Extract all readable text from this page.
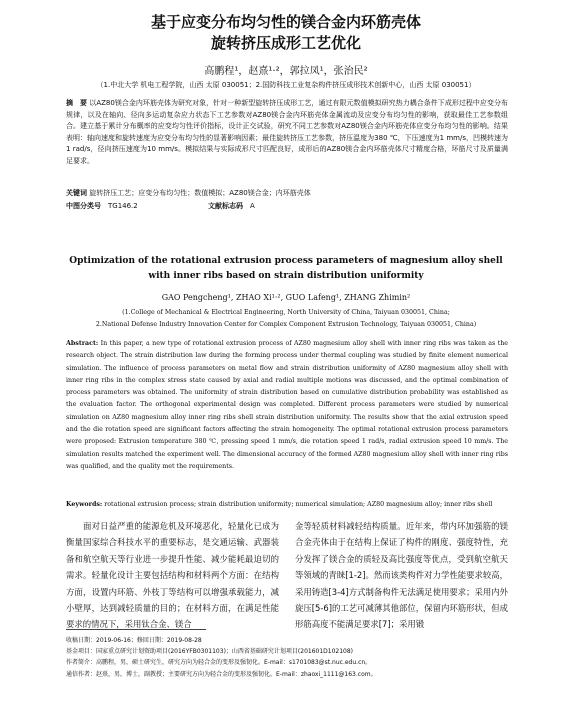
基于应变分布均匀性的镁合金内环筋壳体
旋转挤压成形工艺优化
高鹏程¹，赵熹¹·²，郭拉凤¹，张治民²
（1.中北大学 机电工程学院，山西 太原 030051；2.国防科技工业复杂构件挤压成形技术创新中心，山西 太原 030051）
摘　要 以AZ80镁合金内环筋壳体为研究对象，针对一种新型旋转挤压成形工艺，通过有限元数值模拟研究热力耦合条件下成形过程中应变分布规律，以及在轴向、径向多运动复杂应力状态下工艺参数对AZ80镁合金内环筋壳体金属流动及应变分布均匀性的影响，获取最佳工艺参数组合。建立基于累计分布概率的应变均匀性评价指标，设计正交试验，研究不同工艺参数对AZ80镁合金内环筋壳体应变分布均匀性的影响。结果表明：轴向速度和旋转速度为应变分布均匀性的显著影响因素；最佳旋转挤压工艺参数，挤压温度为380 ℃，下压速度为1 mm/s，凹模转速为1 rad/s，径向挤压速度为10 mm/s。模拟结果与实际成形尺寸匹配良好，成形后的AZ80镁合金内环筋壳体尺寸精度合格，环筋尺寸及质量满足要求。
关键词 旋转挤压工艺；应变分布均匀性；数值模拟；AZ80镁合金；内环筋壳体
中图分类号　 TG146.2	文献标志码　 A
Optimization of the rotational extrusion process parameters of magnesium alloy shell
with inner ribs based on strain distribution uniformity
GAO Pengcheng¹, ZHAO Xi¹·², GUO Lafeng¹, ZHANG Zhimin²
(1.College of Mechanical & Electrical Engineering, North University of China, Taiyuan 030051, China;
2.National Defense Industry Innovation Center for Complex Component Extrusion Technology, Taiyuan 030051, China)
Abstract: In this paper, a new type of rotational extrusion process of AZ80 magnesium alloy shell with inner ring ribs was taken as the research object. The strain distribution law during the forming process under thermal coupling was studied by finite element numerical simulation. The influence of process parameters on metal flow and strain distribution uniformity of AZ80 magnesium alloy shell with inner ring ribs in the complex stress state caused by axial and radial multiple motions was discussed, and the optimal combination of process parameters was obtained. The uniformity of strain distribution based on cumulative distribution probability was established as the evaluation factor. The orthogonal experimental design was completed. Different process parameters were studied by numerical simulation on AZ80 magnesium alloy inner ring ribs shell strain distribution uniformity. The results show that the axial extrusion speed and the die rotation speed are significant factors affecting the strain homogeneity. The optimal rotational extrusion process parameters were proposed: Extrusion temperature 380 ℃, pressing speed 1 mm/s, die rotation speed 1 rad/s, radial extrusion speed 10 mm/s. The simulation results matched the experiment well. The dimensional accuracy of the formed AZ80 magnesium alloy shell with inner ring ribs was qualified, and the quality met the requirements.
Keywords: rotational extrusion process; strain distribution uniformity; numerical simulation; AZ80 magnesium alloy; inner ribs shell
　　面对日益严重的能源危机及环境恶化，轻量化已成为衡量国家综合科技水平的重要标志，是交通运输、武器装备和航空航天等行业进一步提升性能、减少能耗最迫切的需求。轻量化设计主要包括结构和材料两个方面：在结构方面，设置内环筋、外枝丁等结构可以增强承载能力，减小壁厚，达到减轻质量的目的；在材料方面，在满足性能要求的情况下，采用钛合金、镁合
金等轻质材料减轻结构质量。近年来，带内环加强筋的镁合金壳体由于在结构上保证了构件的刚度、强度特性，充分发挥了镁合金的质轻及高比强度等优点，受到航空航天等领域的青睐[1-2]。然而该类构件对力学性能要求较高，采用铸造[3-4]方式制备构件无法满足使用要求；采用内外旋压[5-6]的工艺可减薄其他部位，保留内环筋形状，但成形筋高度不能满足要求[7]；采用锻
收稿日期：2019-06-16；修回日期：2019-08-28
基金项目：国家重点研究计划资助项目(2016YFB0301103)；山西省基础研究计划项目(201601D102108)
作者简介：高鹏程，男，硕士研究生，研究方向为轻合金的变形及强韧化。E-mail：s1701083@st.nuc.edu.cn。
通信作者：赵熹，男，博士，副教授；主要研究方向为轻合金的变形及强韧化。E-mail：zhaoxi_1111@163.com。
